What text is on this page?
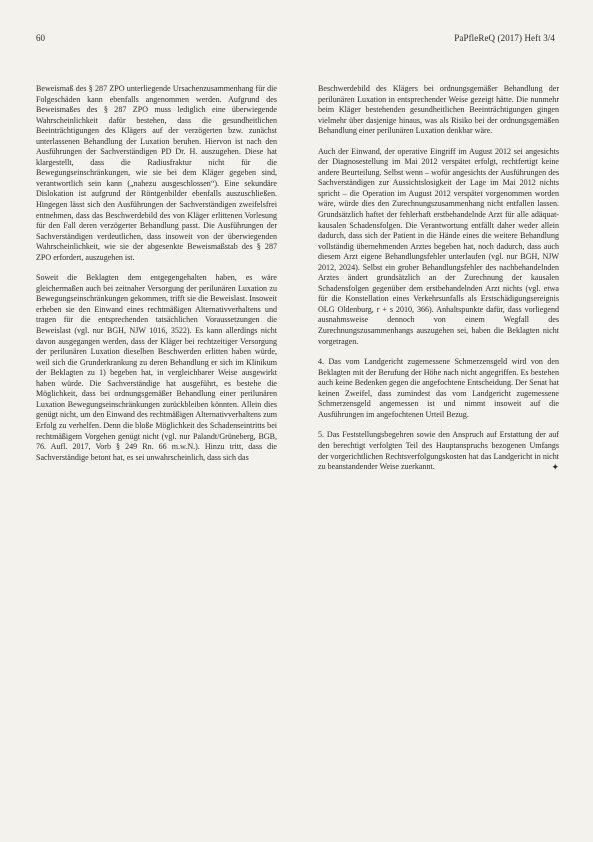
60	PaPfleReQ (2017) Heft 3/4

Beweismaß des § 287 ZPO unterliegende Ursachenzusammenhang für die Folgeschäden kann ebenfalls angenommen werden. Aufgrund des Beweismaßes des § 287 ZPO muss lediglich eine überwiegende Wahrscheinlichkeit dafür bestehen, dass die gesundheitlichen Beeinträchtigungen des Klägers auf der verzögerten bzw. zunächst unterlassenen Behandlung der Luxation beruhen. Hiervon ist nach den Ausführungen der Sachverständigen PD Dr. H. auszugehen. Diese hat klargestellt, dass die Radiusfraktur nicht für die Bewegungseinschränkungen, wie sie bei dem Kläger gegeben sind, verantwortlich sein kann („nahezu ausgeschlossen“). Eine sekundäre Dislokation ist aufgrund der Röntgenbilder ebenfalls auszuschließen. Hingegen lässt sich den Ausführungen der Sachverständigen zweifelsfrei entnehmen, dass das Beschwerdebild des von Kläger erlittenen Vorlesung für den Fall deren verzögerter Behandlung passt. Die Ausführungen der Sachverständigen verdeutlichen, dass insoweit von der überwiegenden Wahrscheinlichkeit, wie sie der abgesenkte Beweismaßstab des § 287 ZPO erfordert, auszugehen ist.

Soweit die Beklagten dem entgegengehalten haben, es wäre gleichermaßen auch bei zeitnaher Versorgung der perilunären Luxation zu Bewegungseinschränkungen gekommen, trifft sie die Beweislast. Insoweit erheben sie den Einwand eines rechtmäßigen Alternativverhaltens und tragen für die entsprechenden tatsächlichen Voraussetzungen die Beweislast (vgl. nur BGH, NJW 1016, 3522). Es kann allerdings nicht davon ausgegangen werden, dass der Kläger bei rechtzeitiger Versorgung der perilunären Luxation dieselben Beschwerden erlitten haben würde, weil sich die Grunderkrankung zu deren Behandlung er sich im Klinikum der Beklagten zu 1) begeben hat, in vergleichbarer Weise ausgewirkt haben würde. Die Sachverständige hat ausgeführt, es bestehe die Möglichkeit, dass bei ordnungsgemäßer Behandlung einer perilunären Luxation Bewegungseinschränkungen zurückbleiben könnten. Allein dies genügt nicht, um den Einwand des rechtmäßigen Alternativverhaltens zum Erfolg zu verhelfen. Denn die bloße Möglichkeit des Schadenseintritts bei rechtmäßigem Vorgehen genügt nicht (vgl. nur Palandt/Grüneberg, BGB, 76. Aufl. 2017, Vorb § 249 Rn. 66 m.w.N.). Hinzu tritt, dass die Sachverständige betont hat, es sei unwahrscheinlich, dass sich das

Beschwerdebild des Klägers bei ordnungsgemäßer Behandlung der perilunären Luxation in entsprechender Weise gezeigt hätte. Die nunmehr beim Kläger bestehenden gesundheitlichen Beeinträchtigungen gingen vielmehr über dasjenige hinaus, was als Risiko bei der ordnungsgemäßen Behandlung einer perilunären Luxation denkbar wäre.

Auch der Einwand, der operative Eingriff im August 2012 sei angesichts der Diagnosestellung im Mai 2012 verspätet erfolgt, rechtfertigt keine andere Beurteilung. Selbst wenn – wofür angesichts der Ausführungen des Sachverständigen zur Aussichtslosigkeit der Lage im Mai 2012 nichts spricht – die Operation im August 2012 verspätet vorgenommen worden wäre, würde dies den Zurechnungszusammenhang nicht entfallen lassen. Grundsätzlich haftet der fehlerhaft erstbehandelnde Arzt für alle adäquat-kausalen Schadensfolgen. Die Verantwortung entfällt daher weder allein dadurch, dass sich der Patient in die Hände eines die weitere Behandlung vollständig übernehmenden Arztes begeben hat, noch dadurch, dass auch diesem Arzt eigene Behandlungsfehler unterlaufen (vgl. nur BGH, NJW 2012, 2024). Selbst ein grober Behandlungsfehler des nachbehandelnden Arztes ändert grundsätzlich an der Zurechnung der kausalen Schadensfolgen gegenüber dem erstbehandelnden Arzt nichts (vgl. etwa für die Konstellation eines Verkehrsunfalls als Erstschädigungsereignis OLG Oldenburg, r + s 2010, 366). Anhaltspunkte dafür, dass vorliegend ausnahmsweise dennoch von einem Wegfall des Zurechnungszusammenhangs auszugehen sei, haben die Beklagten nicht vorgetragen.

4. Das vom Landgericht zugemessene Schmerzensgeld wird von den Beklagten mit der Berufung der Höhe nach nicht angegriffen. Es bestehen auch keine Bedenken gegen die angefochtene Entscheidung. Der Senat hat keinen Zweifel, dass zumindest das vom Landgericht zugemessene Schmerzensgeld angemessen ist und nimmt insoweit auf die Ausführungen im angefochtenen Urteil Bezug.

5. Das Feststellungsbegehren sowie den Anspruch auf Erstattung der auf den berechtigt verfolgten Teil des Hauptanspruchs bezogenen Umfangs der vorgerichtlichen Rechtsverfolgungskosten hat das Landgericht in nicht zu beanstandender Weise zuerkannt.	✦
